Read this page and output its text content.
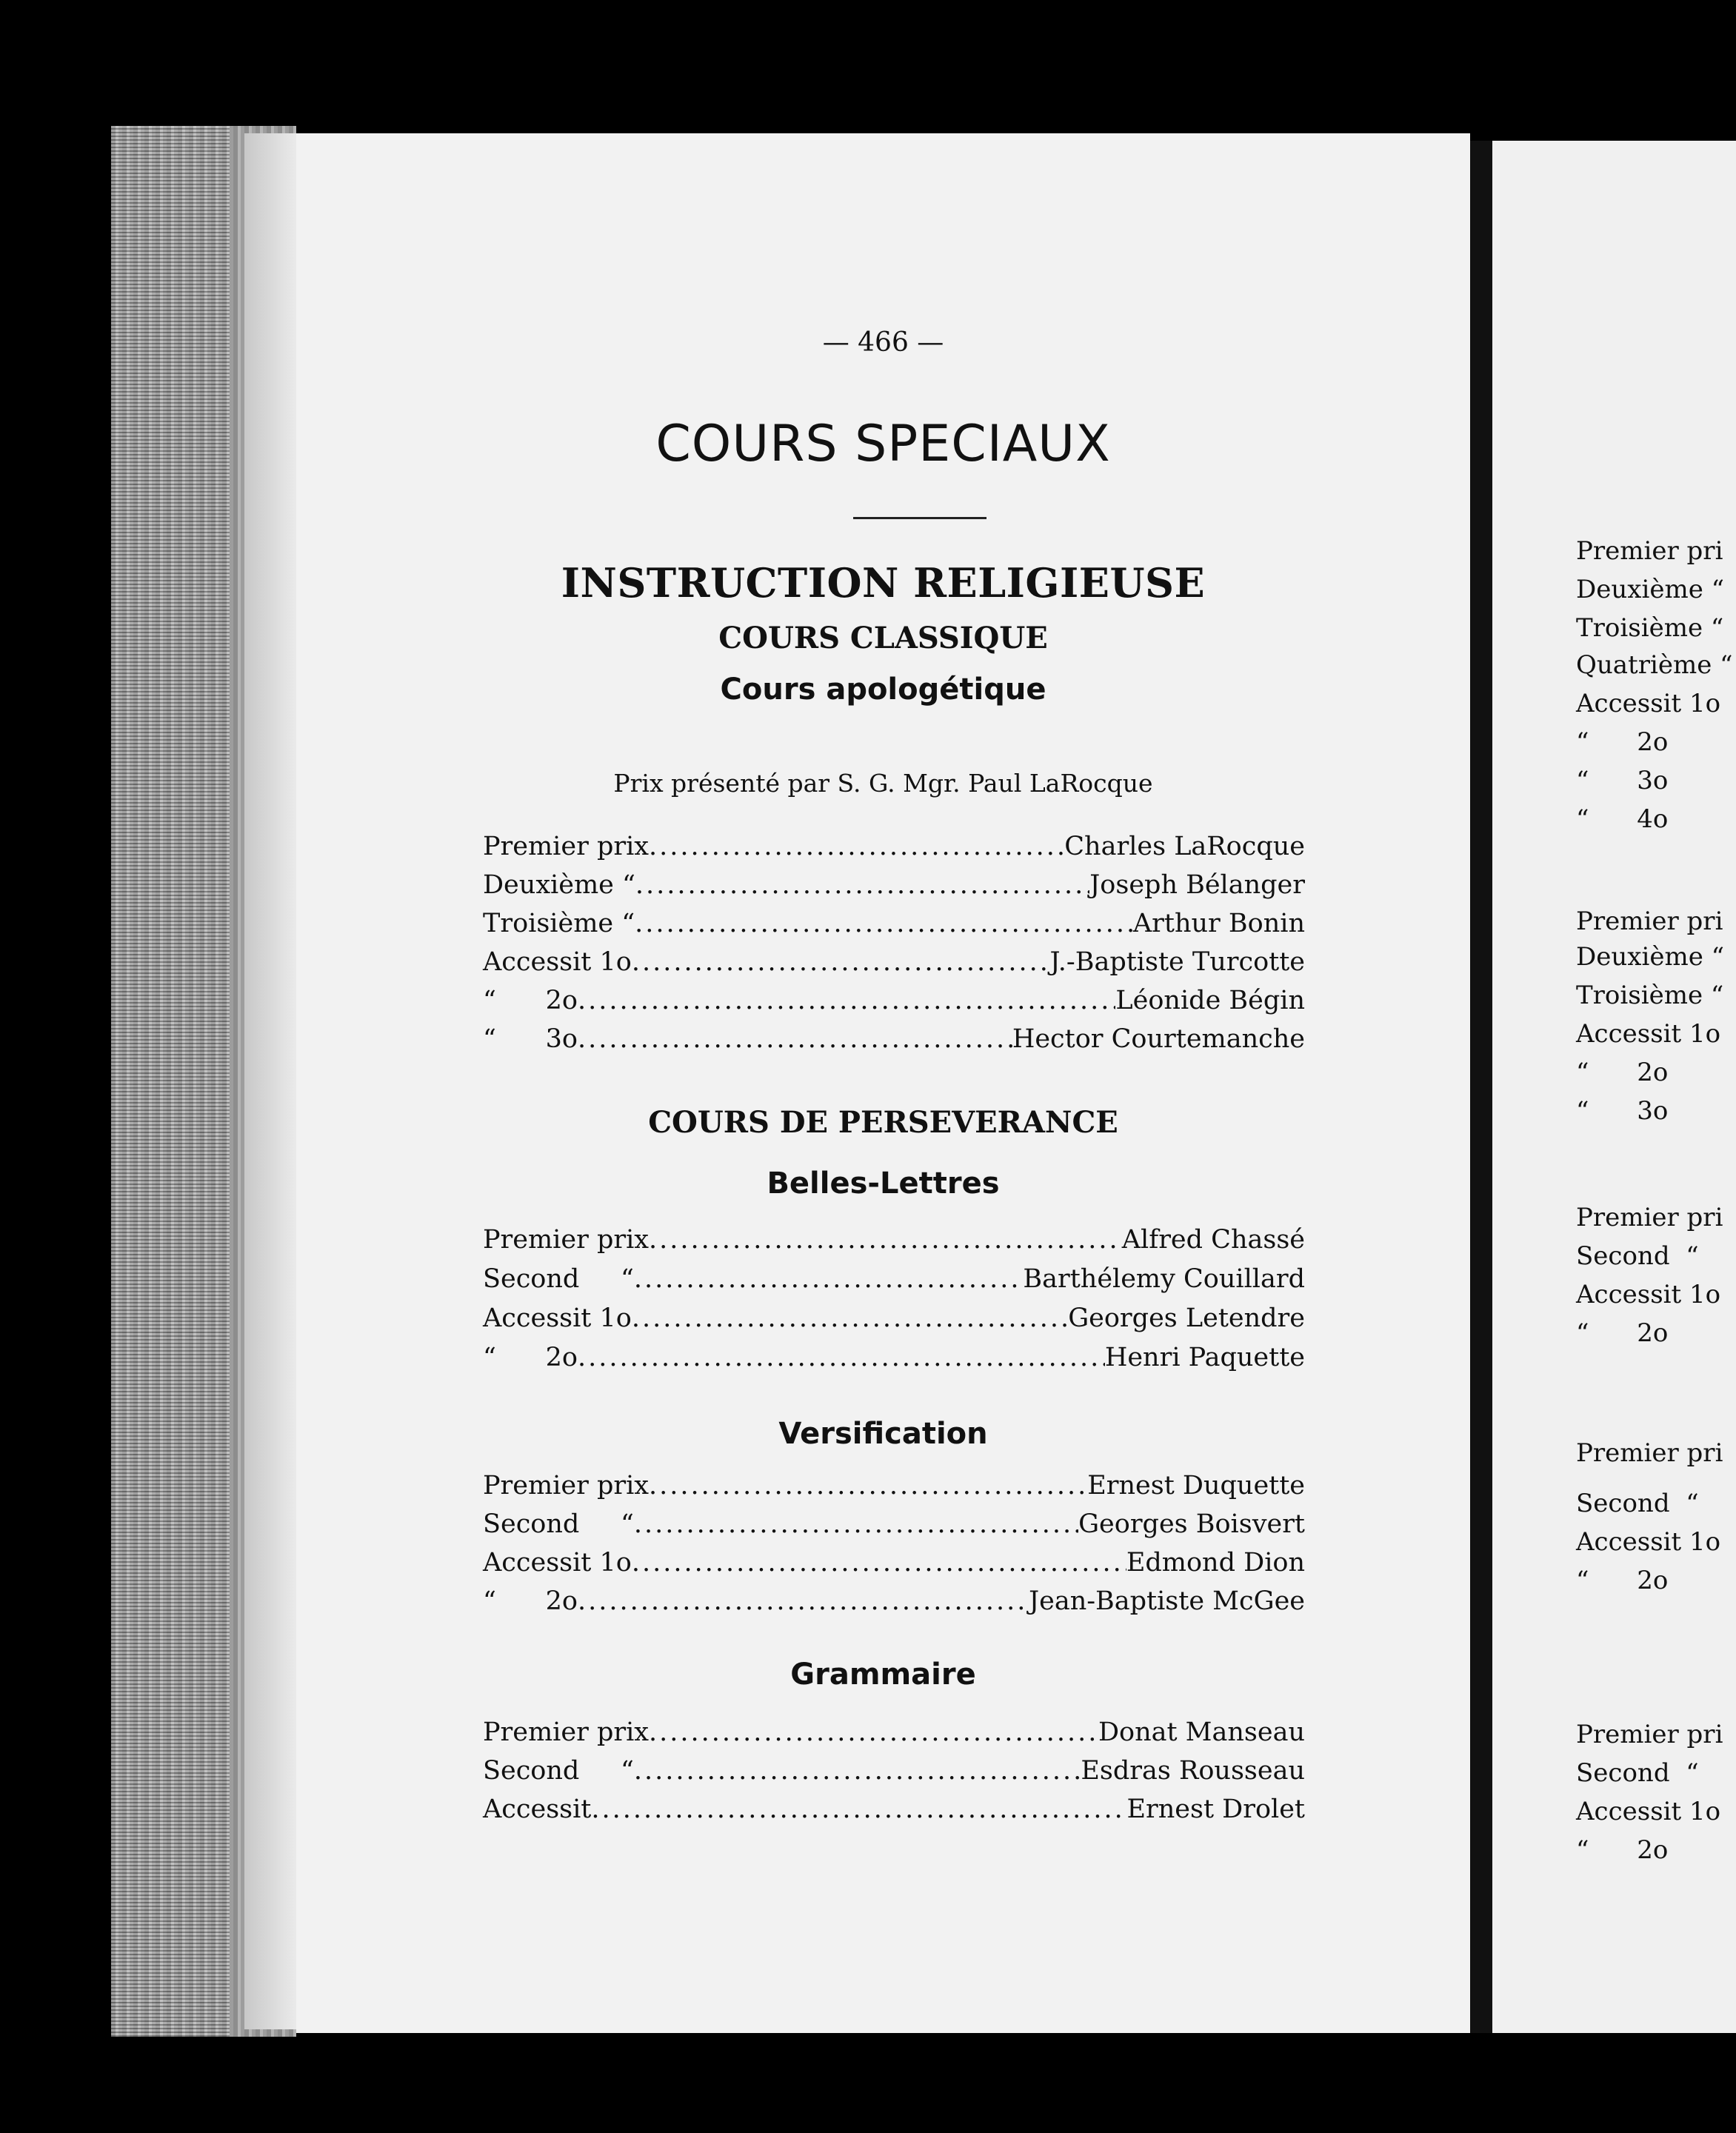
— 466 —
COURS SPECIAUX
INSTRUCTION RELIGIEUSE
COURS CLASSIQUE
Cours apologétique
Prix présenté par S. G. Mgr. Paul LaRocque
Premier prix .....	Charles LaRocque
Deuxième “ .....	Joseph Bélanger
Troisième “ .....	Arthur Bonin
Accessit 1o .....	J.-Baptiste Turcotte
“      2o .....	Léonide Bégin
“      3o .....	Hector Courtemanche
COURS DE PERSEVERANCE
Belles-Lettres
Premier prix .....	Alfred Chassé
Second     “ .....	Barthélemy Couillard
Accessit 1o .....	Georges Letendre
“      2o .....	Henri Paquette
Versification
Premier prix .....	Ernest Duquette
Second     “ .....	Georges Boisvert
Accessit 1o .....	Edmond Dion
“      2o .....	Jean-Baptiste McGee
Grammaire
Premier prix .....	Donat Manseau
Second     “ .....	Esdras Rousseau
Accessit .....	Ernest Drolet
Premier pri
Deuxième “
Troisième “
Quatrième “
Accessit 1o
“      2o
“      3o
“      4o
Premier pri
Deuxième “
Troisième “
Accessit 1o
“      2o
“      3o
Premier pri
Second  “
Accessit 1o
“      2o
Premier pri
Second  “
Accessit 1o
“      2o
Premier pri
Second  “
Accessit 1o
“      2o
